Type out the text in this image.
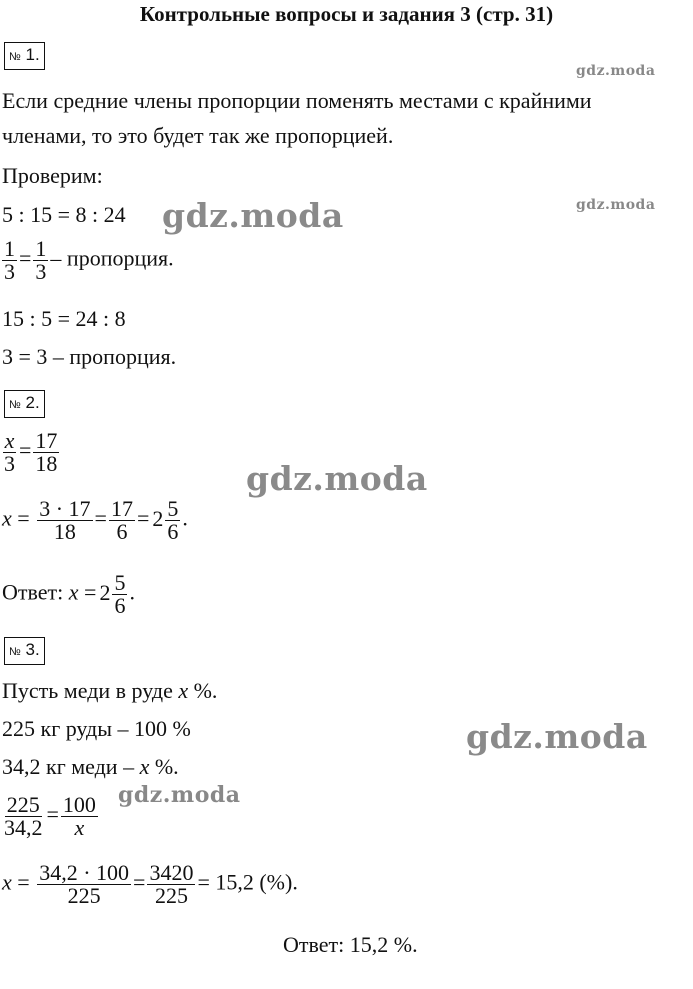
Контрольные вопросы и задания 3 (стр. 31)
№ 1.
Если средние члены пропорции поменять местами с крайними
членами, то это будет так же пропорцией.
Проверим:
5 : 15 = 8 : 24
$\frac{1}{3} = \frac{1}{3}$ – пропорция.
15 : 5 = 24 : 8
3 = 3 – пропорция.
№ 2.
$\frac{x}{3} = \frac{17}{18}$
$x = \frac{3 \cdot 17}{18} = \frac{17}{6} = 2 \frac{5}{6}$ .
Ответ: $x = 2 \frac{5}{6}$ .
№ 3.
Пусть меди в руде x %.
225 кг руды – 100 %
34,2 кг меди – x %.
$\frac{225}{34,2} = \frac{100}{x}$
$x = \frac{34,2 \cdot 100}{225} = \frac{3420}{225} = 15,2$ (%).
Ответ: 15,2 %.
gdz.moda
gdz.moda
gdz.moda
gdz.moda
gdz.moda
gdz.moda
